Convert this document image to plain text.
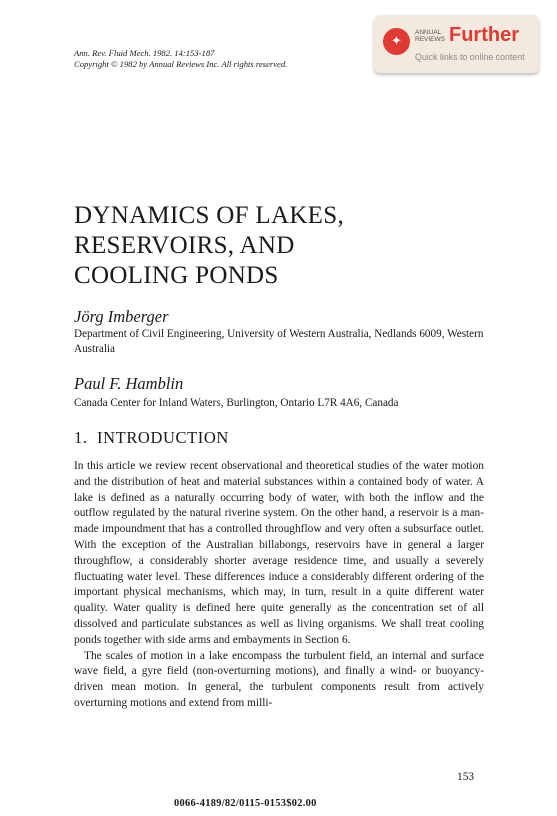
Ann. Rev. Fluid Mech. 1982. 14:153-187
Copyright © 1982 by Annual Reviews Inc. All rights reserved.
✦
ANNUAL REVIEWS Further
Quick links to online content
DYNAMICS OF LAKES,
RESERVOIRS, AND
COOLING PONDS
Jörg Imberger
Department of Civil Engineering, University of Western Australia, Nedlands 6009, Western Australia
Paul F. Hamblin
Canada Center for Inland Waters, Burlington, Ontario L7R 4A6, Canada
1. INTRODUCTION

In this article we review recent observational and theoretical studies of the water motion and the distribution of heat and material substances within a contained body of water. A lake is defined as a naturally occurring body of water, with both the inflow and the outflow regulated by the natural riverine system. On the other hand, a reservoir is a man-made impoundment that has a controlled throughflow and very often a subsurface outlet. With the exception of the Australian billabongs, reservoirs have in general a larger throughflow, a considerably shorter average residence time, and usually a severely fluctuating water level. These differences induce a considerably different ordering of the important physical mechanisms, which may, in turn, result in a quite different water quality. Water quality is defined here quite generally as the concentration set of all dissolved and particulate substances as well as living organisms. We shall treat cooling ponds together with side arms and embayments in Section 6.

The scales of motion in a lake encompass the turbulent field, an internal and surface wave field, a gyre field (non-overturning motions), and finally a wind- or buoyancy-driven mean motion. In general, the turbulent components result from actively overturning motions and extend from milli-

153
0066-4189/82/0115-0153$02.00
